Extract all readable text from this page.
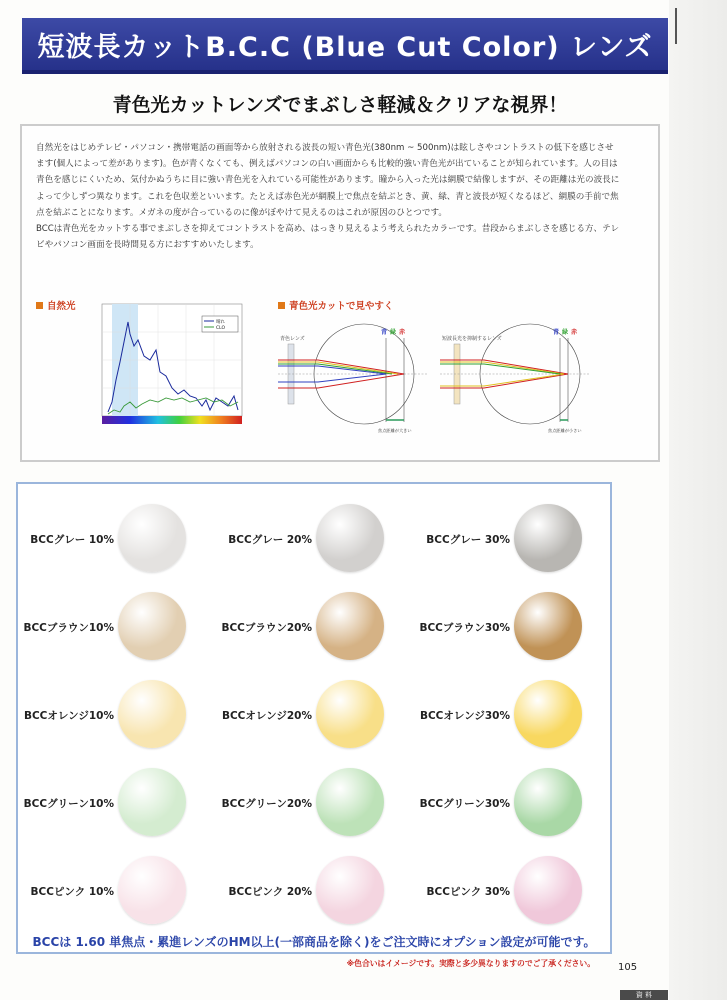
短波長カットB.C.C (Blue Cut Color) レンズ
青色光カットレンズでまぶしさ軽減＆クリアな視界！

自然光をはじめテレビ・パソコン・携帯電話の画面等から放射される波長の短い青色光(380nm ~ 500nm)は眩しさやコントラストの低下を感じさせます(個人によって差があります)。色が青くなくても、例えばパソコンの白い画面からも比較的強い青色光が出ていることが知られています。人の目は青色を感じにくいため、気付かぬうちに目に強い青色光を入れている可能性があります。瞳から入った光は網膜で結像しますが、その距離は光の波長によって少しずつ異なります。これを色収差といいます。たとえば赤色光が網膜上で焦点を結ぶとき、黄、緑、青と波長が短くなるほど、網膜の手前で焦点を結ぶことになります。メガネの度が合っているのに像がぼやけて見えるのはこれが原因のひとつです。

BCCは青色光をカットする事でまぶしさを抑えてコントラストを高め、はっきり見えるよう考えられたカラーです。昔段からまぶしさを感じる方、テレビやパソコン画面を長時間見る方におすすめいたします。

自然光	青色光カットで見やすく
晴れ
CLO
青色レンズ
青 緑 赤
焦点距離が大きい
短波長光を抑制するレンズ
青 緑 赤
焦点距離が小さい
BCCグレー 10%	BCCグレー 20%	BCCグレー 30%
BCCブラウン10%	BCCブラウン20%	BCCブラウン30%
BCCオレンジ10%	BCCオレンジ20%	BCCオレンジ30%
BCCグリーン10%	BCCグリーン20%	BCCグリーン30%
BCCピンク 10%	BCCピンク 20%	BCCピンク 30%
BCCは 1.60 単焦点・累進レンズのHM以上(一部商品を除く)をご注文時にオプション設定が可能です。
※色合いはイメージです。実際と多少異なりますのでご了承ください。 105
資 料
